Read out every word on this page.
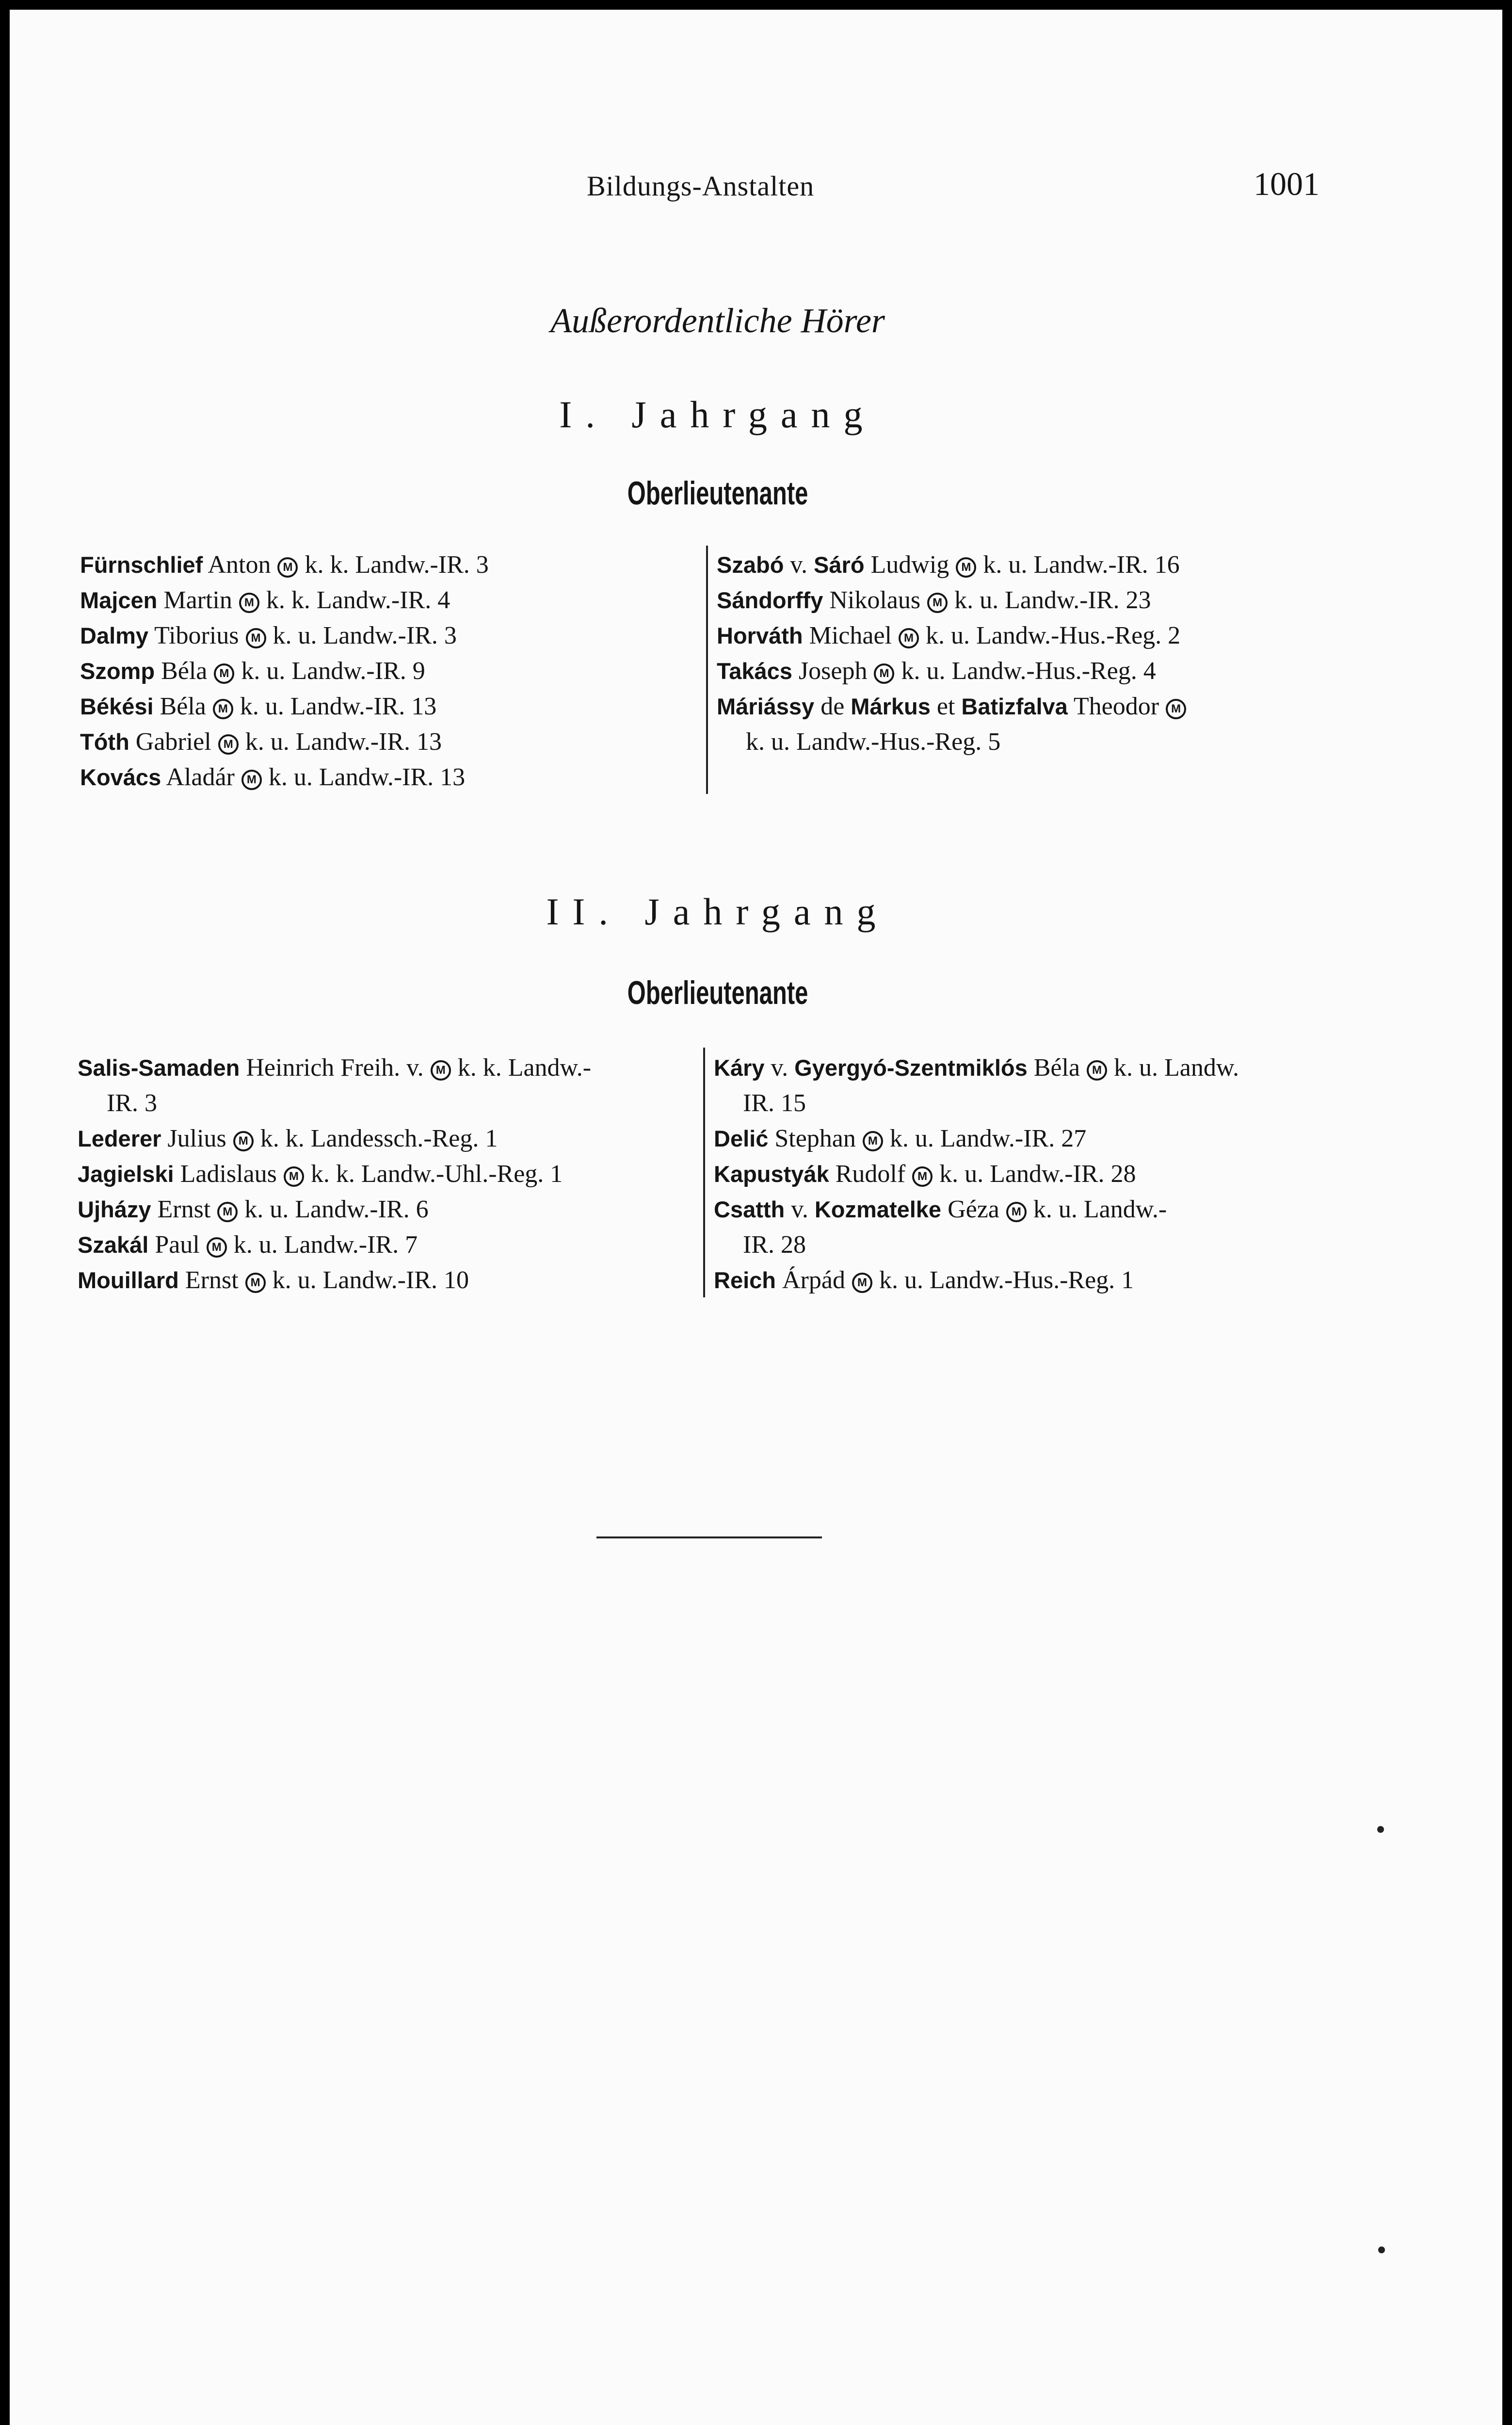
Bildungs-Anstalten	1001
Außerordentliche Hörer
I. Jahrgang
Oberlieutenante
Fürnschlief Anton M k. k. Landw.-IR. 3
Majcen Martin M k. k. Landw.-IR. 4
Dalmy Tiborius M k. u. Landw.-IR. 3
Szomp Béla M k. u. Landw.-IR. 9
Békési Béla M k. u. Landw.-IR. 13
Tóth Gabriel M k. u. Landw.-IR. 13
Kovács Aladár M k. u. Landw.-IR. 13
Szabó v. Sáró Ludwig M k. u. Landw.-IR. 16
Sándorffy Nikolaus M k. u. Landw.-IR. 23
Horváth Michael M k. u. Landw.-Hus.-Reg. 2
Takács Joseph M k. u. Landw.-Hus.-Reg. 4
Máriássy de Márkus et Batizfalva Theodor M
k. u. Landw.-Hus.-Reg. 5
II. Jahrgang
Oberlieutenante
Salis-Samaden Heinrich Freih. v. M k. k. Landw.-
IR. 3
Lederer Julius M k. k. Landessch.-Reg. 1
Jagielski Ladislaus M k. k. Landw.-Uhl.-Reg. 1
Ujházy Ernst M k. u. Landw.-IR. 6
Szakál Paul M k. u. Landw.-IR. 7
Mouillard Ernst M k. u. Landw.-IR. 10
Káry v. Gyergyó-Szentmiklós Béla M k. u. Landw.
IR. 15
Delić Stephan M k. u. Landw.-IR. 27
Kapustyák Rudolf M k. u. Landw.-IR. 28
Csatth v. Kozmatelke Géza M k. u. Landw.-
IR. 28
Reich Árpád M k. u. Landw.-Hus.-Reg. 1
